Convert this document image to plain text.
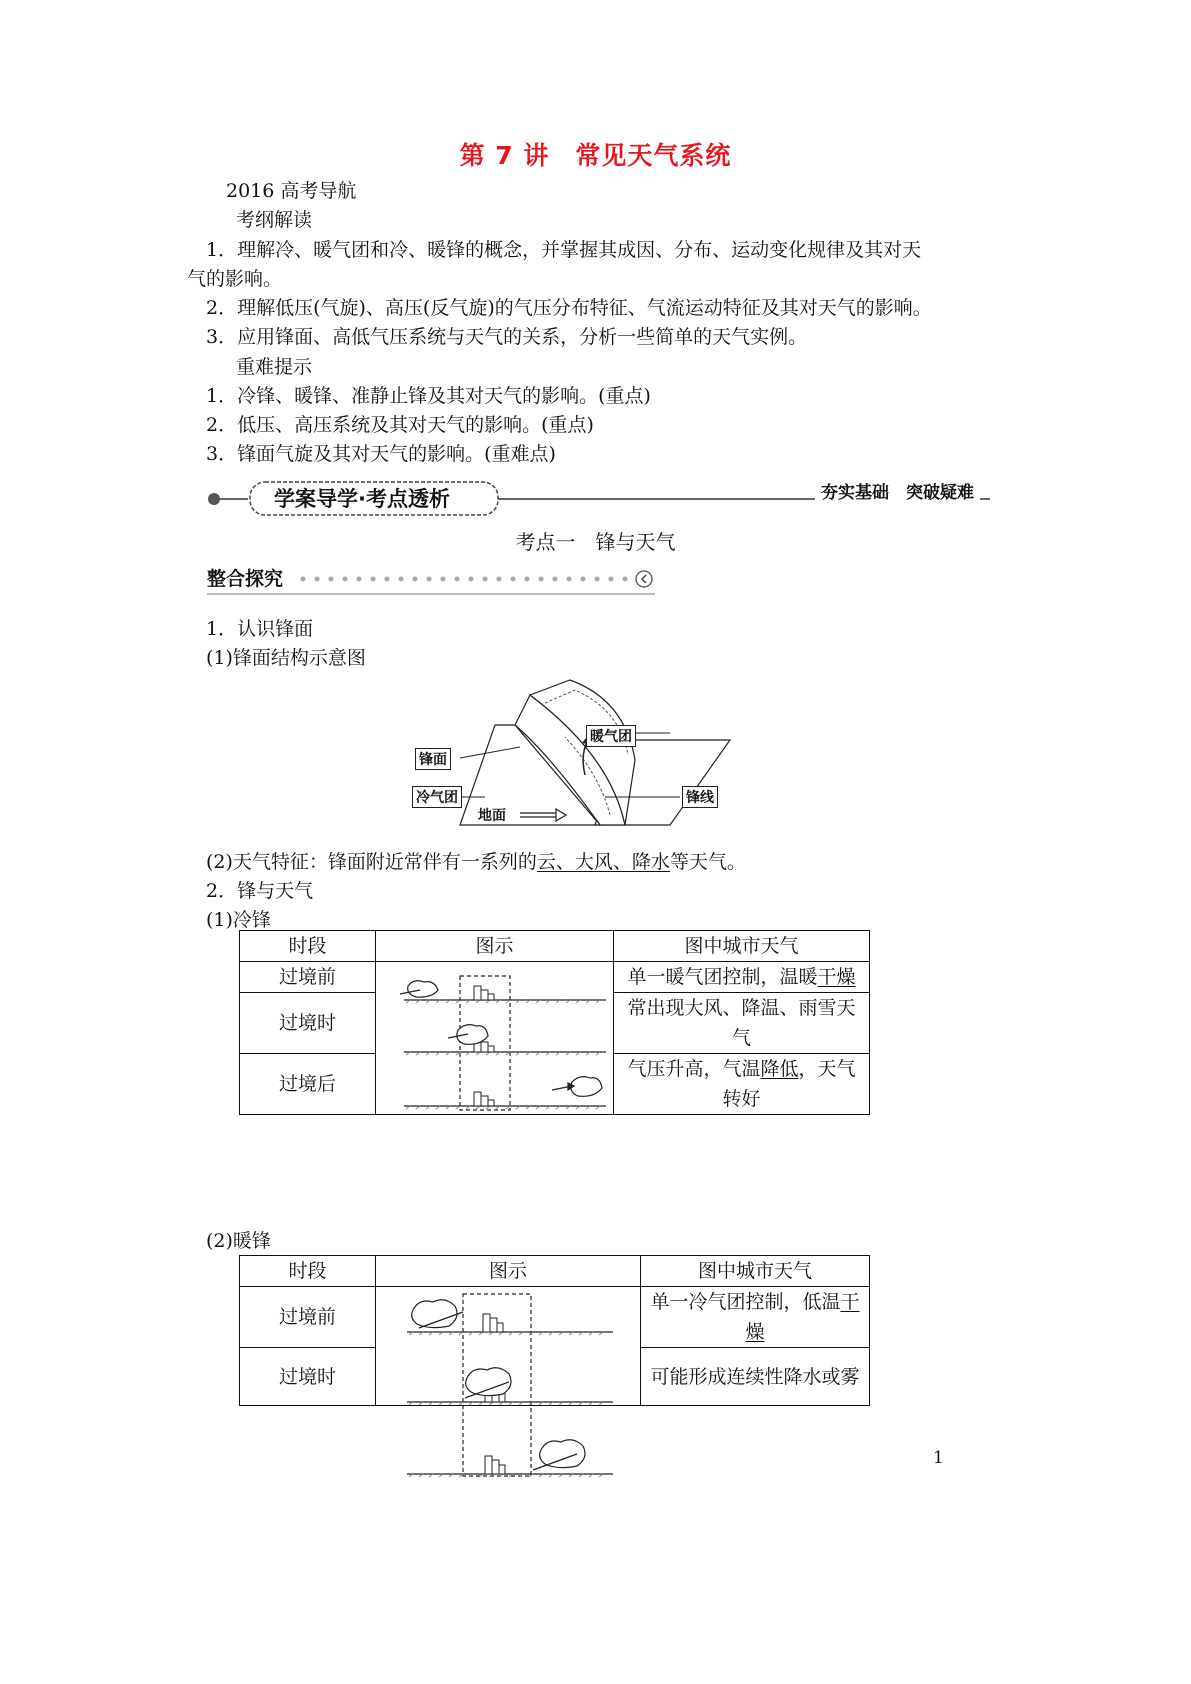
第 7 讲　常见天气系统
2016 高考导航
考纲解读
1．理解冷、暖气团和冷、暖锋的概念，并掌握其成因、分布、运动变化规律及其对天
气的影响。
2．理解低压(气旋)、高压(反气旋)的气压分布特征、气流运动特征及其对天气的影响。
3．应用锋面、高低气压系统与天气的关系，分析一些简单的天气实例。
重难提示
1．冷锋、暖锋、准静止锋及其对天气的影响。(重点)
2．低压、高压系统及其对天气的影响。(重点)
3．锋面气旋及其对天气的影响。(重难点)
学案导学·考点透析	夯实基础　突破疑难
考点一　锋与天气
整合探究
1．认识锋面
(1)锋面结构示意图
锋面
暖气团
冷气团
地面
锋线
(2)天气特征：锋面附近常伴有一系列的云、大风、降水等天气。
2．锋与天气
(1)冷锋
时段	图示	图中城市天气
过境前		单一暖气团控制，温暖干燥
过境时		常出现大风、降温、雨雪天气
过境后		气压升高，气温降低，天气转好
(2)暖锋
时段	图示	图中城市天气
过境前		单一冷气团控制，低温干燥
过境时		可能形成连续性降水或雾
1
